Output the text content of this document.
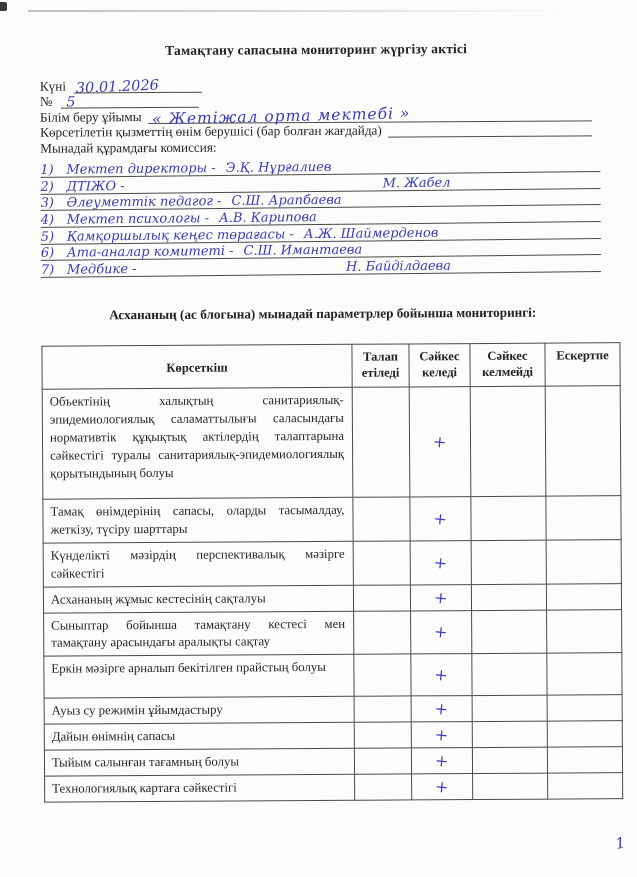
Тамақтану сапасына мониторинг жүргізу актісі
Күні 30.01.2026
№ 5
Білім беру ұйымы « Жетіжал орта мектебі »
Көрсетілетін қызметтің өнім берушісі (бар болған жағдайда)
Мынадай құрамдағы комиссия:
1) Мектеп директоры - Э.Қ. Нұрғалиев
2) ДТІЖО -	М. Жабел
3) Әлеуметтік педагог - С.Ш. Арапбаева
4) Мектеп психологы - А.В. Карипова
5) Қамқоршылық кеңес төрағасы - А.Ж. Шаймерденов
6) Ата-аналар комитеті - С.Ш. Имантаева
7) Медбике -	Н. Байділдаева
Асхананың (ас блогына) мынадай параметрлер бойынша мониторингі:
Көрсеткіш	Талап етіледі	Сәйкес келеді	Сәйкес келмейді	Ескертпе
Объектінің халықтың санитариялық-эпидемиологиялық саламаттылығы саласындағы нормативтік құқықтық актілердің талаптарына сәйкестігі туралы санитариялық-эпидемиологиялық қорытындының болуы		+		
Тамақ өнімдерінің сапасы, оларды тасымалдау, жеткізу, түсіру шарттары		+		
Күнделікті мәзірдің перспективалық мәзірге сәйкестігі		+		
Асхананың жұмыс кестесінің сақталуы		+		
Сыныптар бойынша тамақтану кестесі мен тамақтану арасындағы аралықты сақтау		+		
Еркін мәзірге арналып бекітілген прайстың болуы		+		
Ауыз су режимін ұйымдастыру		+		
Дайын өнімнің сапасы		+		
Тыйым салынған тағамның болуы		+		
Технологиялық картаға сәйкестігі		+		
1
